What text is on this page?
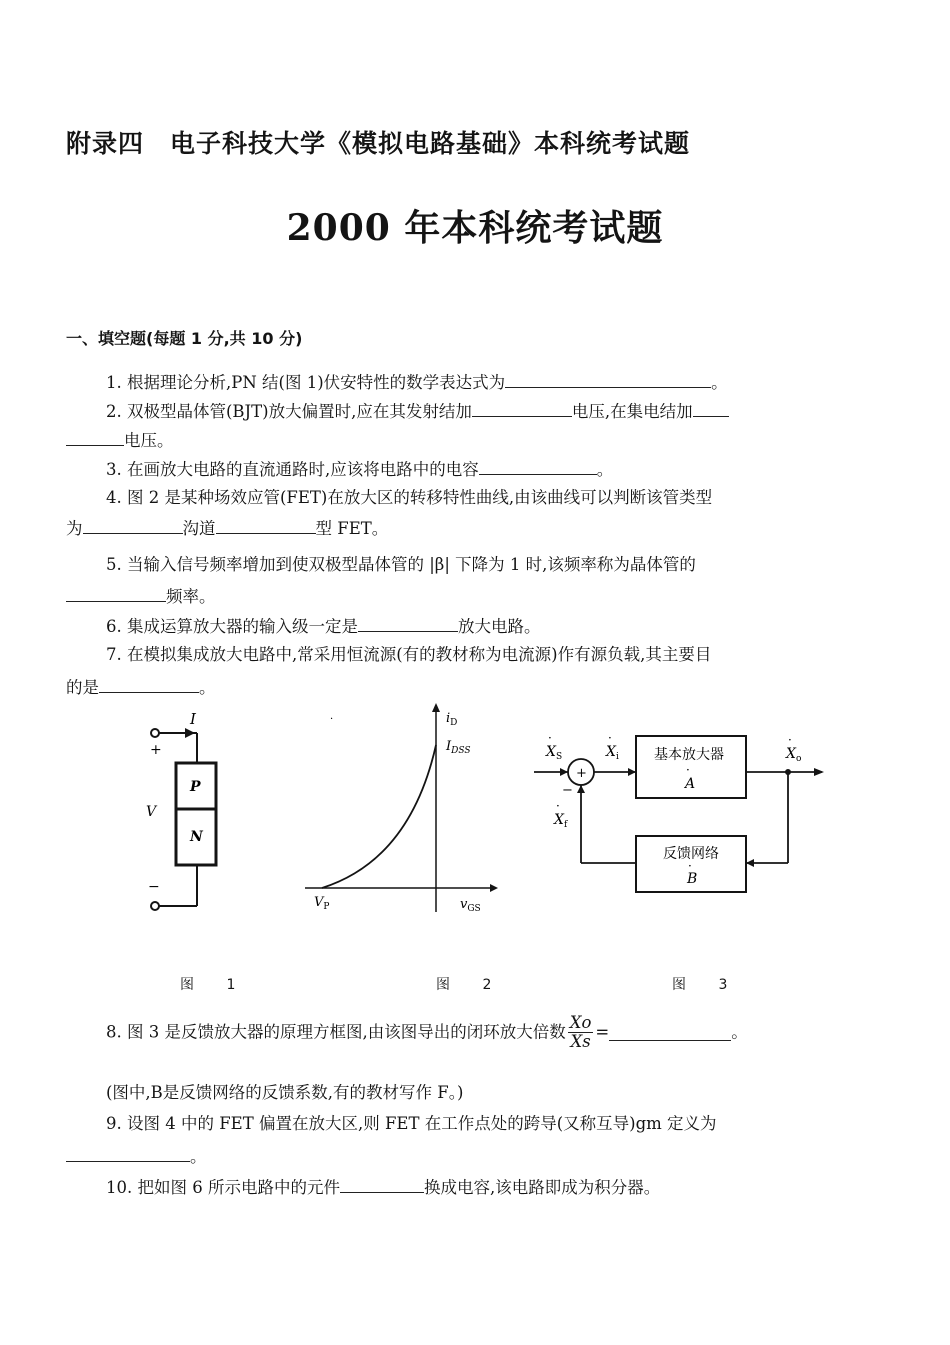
附录四　电子科技大学《模拟电路基础》本科统考试题
2000 年本科统考试题
一、填空题(每题 1 分,共 10 分)
1. 根据理论分析,PN 结(图 1)伏安特性的数学表达式为	。
2. 双极型晶体管(BJT)放大偏置时,应在其发射结加	电压,在集电结加
电压。
3. 在画放大电路的直流通路时,应该将电路中的电容	。
4. 图 2 是某种场效应管(FET)在放大区的转移特性曲线,由该曲线可以判断该管类型
为	沟道	型 FET。
5. 当输入信号频率增加到使双极型晶体管的 |β| 下降为 1 时,该频率称为晶体管的
频率。
6. 集成运算放大器的输入级一定是	放大电路。
7. 在模拟集成放大电路中,常采用恒流源(有的教材称为电流源)作有源负载,其主要目
的是	。
I
+
P
N
V
−
图 1
$i_D$
$I_{DSS}$
$V_P$	$v_{GS}$
·
图 2
+
−
基本放大器
A
·
反馈网络
B
·
$X_S$
·
$X_i$
·
$X_o$
·
$X_f$
·
图 3
8. 图 3 是反馈放大器的原理方框图,由该图导出的闭环放大倍数 $\frac{Xo}{Xs}$ =	。
(图中,B是反馈网络的反馈系数,有的教材写作 F。)
9. 设图 4 中的 FET 偏置在放大区,则 FET 在工作点处的跨导(又称互导)gm 定义为
。
10. 把如图 6 所示电路中的元件	换成电容,该电路即成为积分器。
